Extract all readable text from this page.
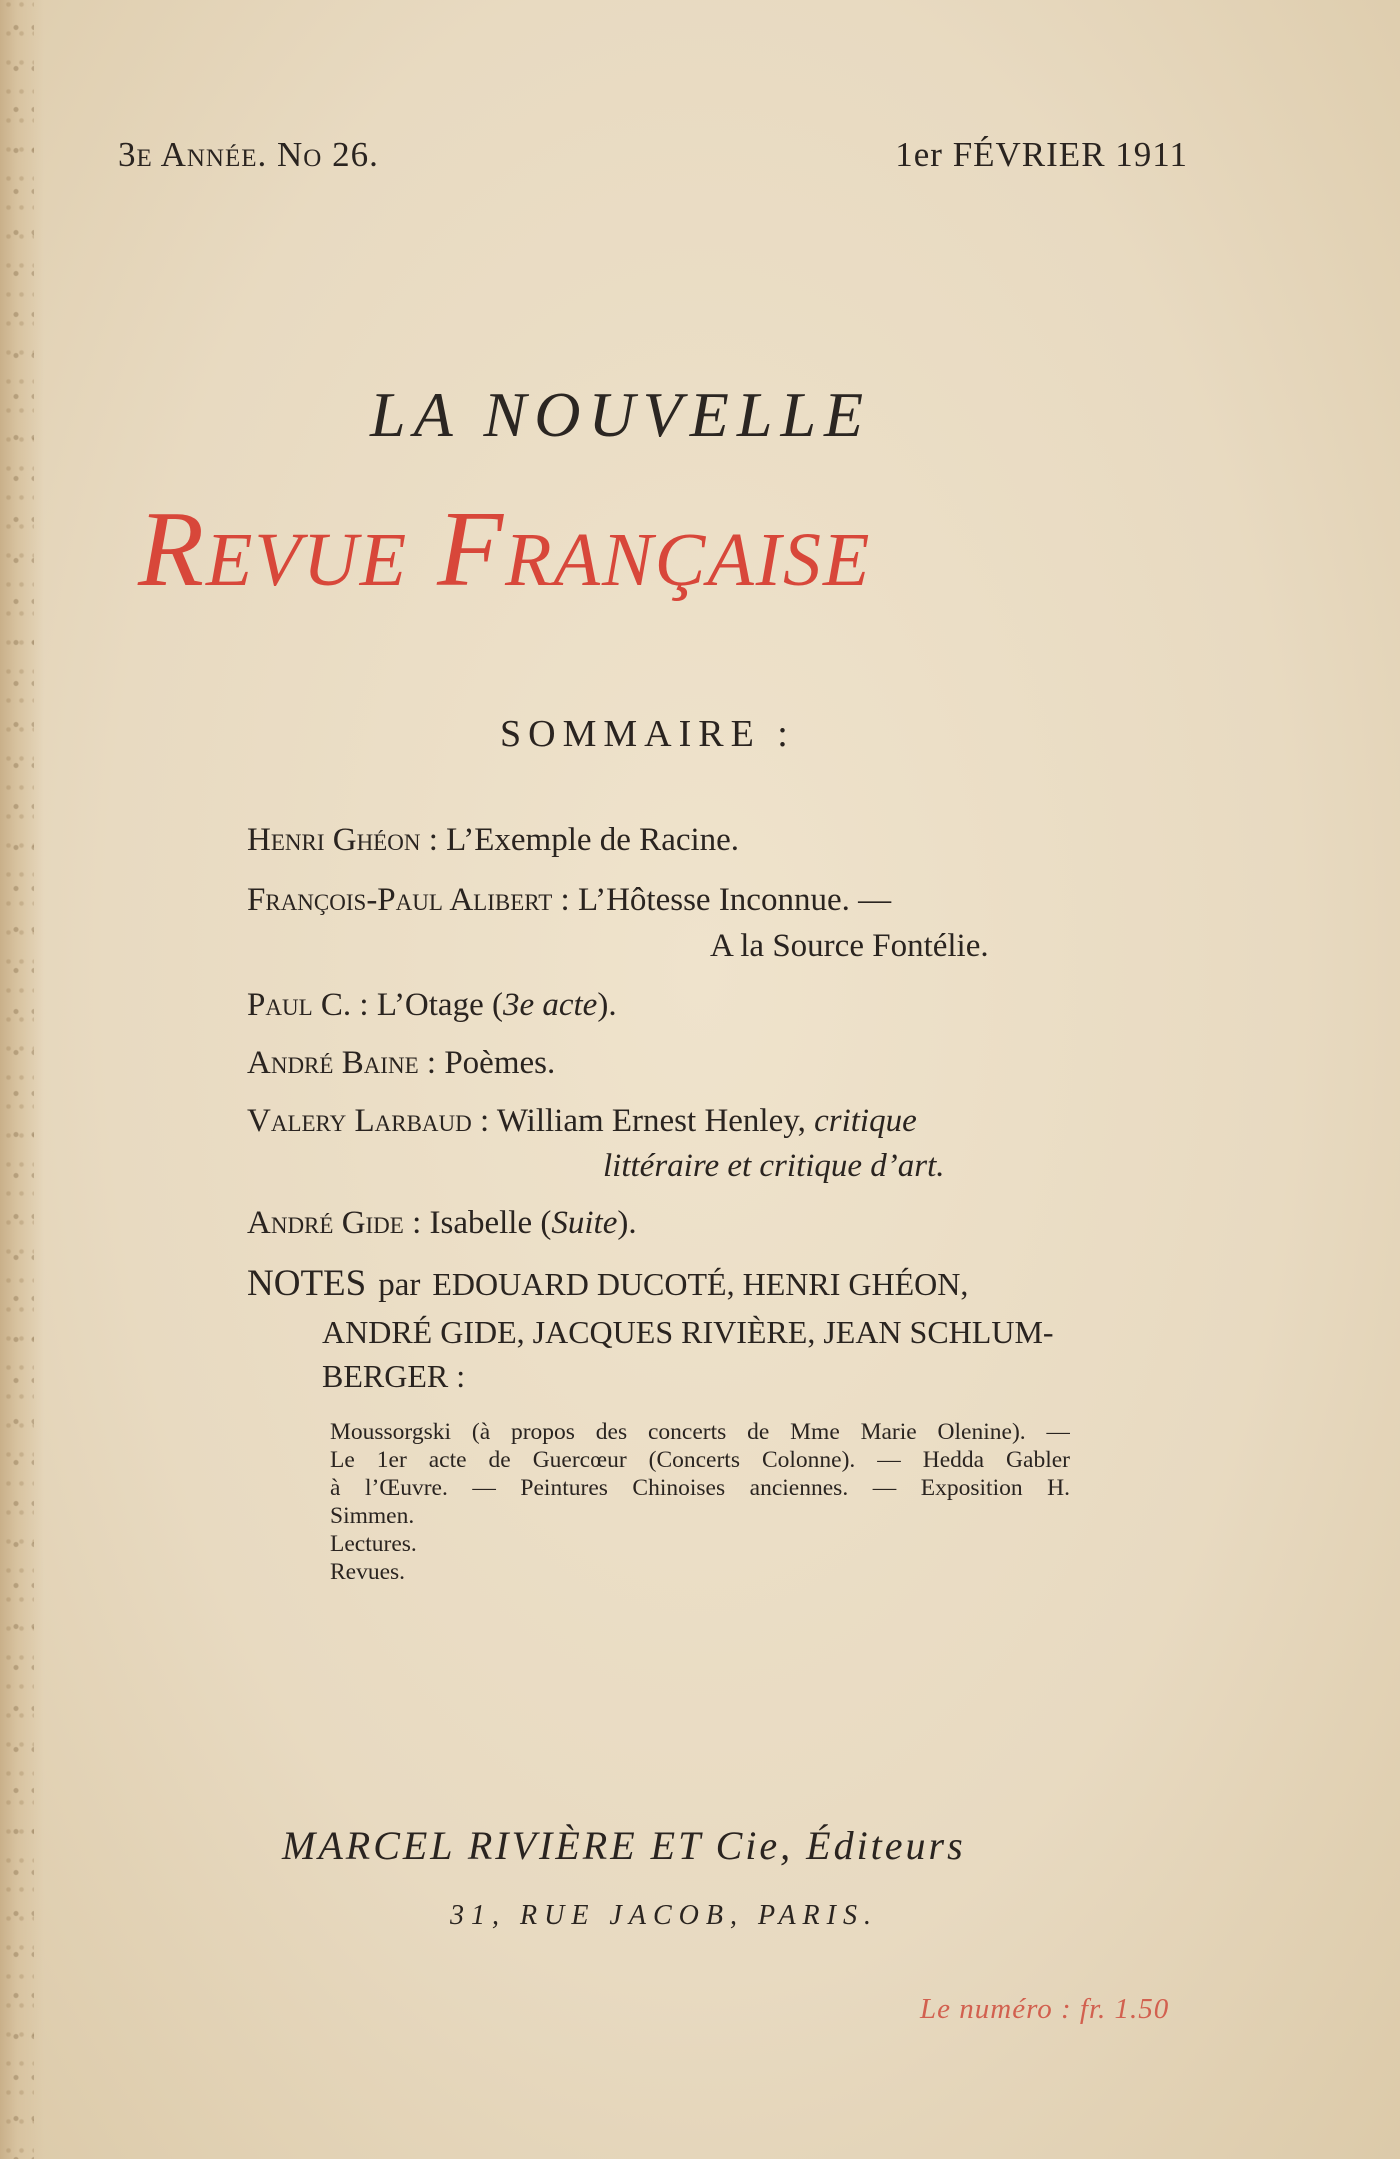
3e Année. No 26.	1er FÉVRIER 1911
LA NOUVELLE
Revue Française
SOMMAIRE :
Henri Ghéon : L’Exemple de Racine.
François-Paul Alibert : L’Hôtesse Inconnue. —
A la Source Fontélie.
Paul C. : L’Otage (3e acte).
André Baine : Poèmes.
Valery Larbaud : William Ernest Henley, critique
littéraire et critique d’art.
André Gide : Isabelle (Suite).
NOTES par EDOUARD DUCOTÉ, HENRI GHÉON,
ANDRÉ GIDE, JACQUES RIVIÈRE, JEAN SCHLUM-
BERGER :
Moussorgski (à propos des concerts de Mme Marie Olenine). —
Le 1er acte de Guercœur (Concerts Colonne). — Hedda Gabler
à l’Œuvre. — Peintures Chinoises anciennes. — Exposition H.
Simmen.
Lectures.
Revues.
MARCEL RIVIÈRE ET Cie, Éditeurs
31, RUE JACOB, PARIS.
Le numéro : fr. 1.50
